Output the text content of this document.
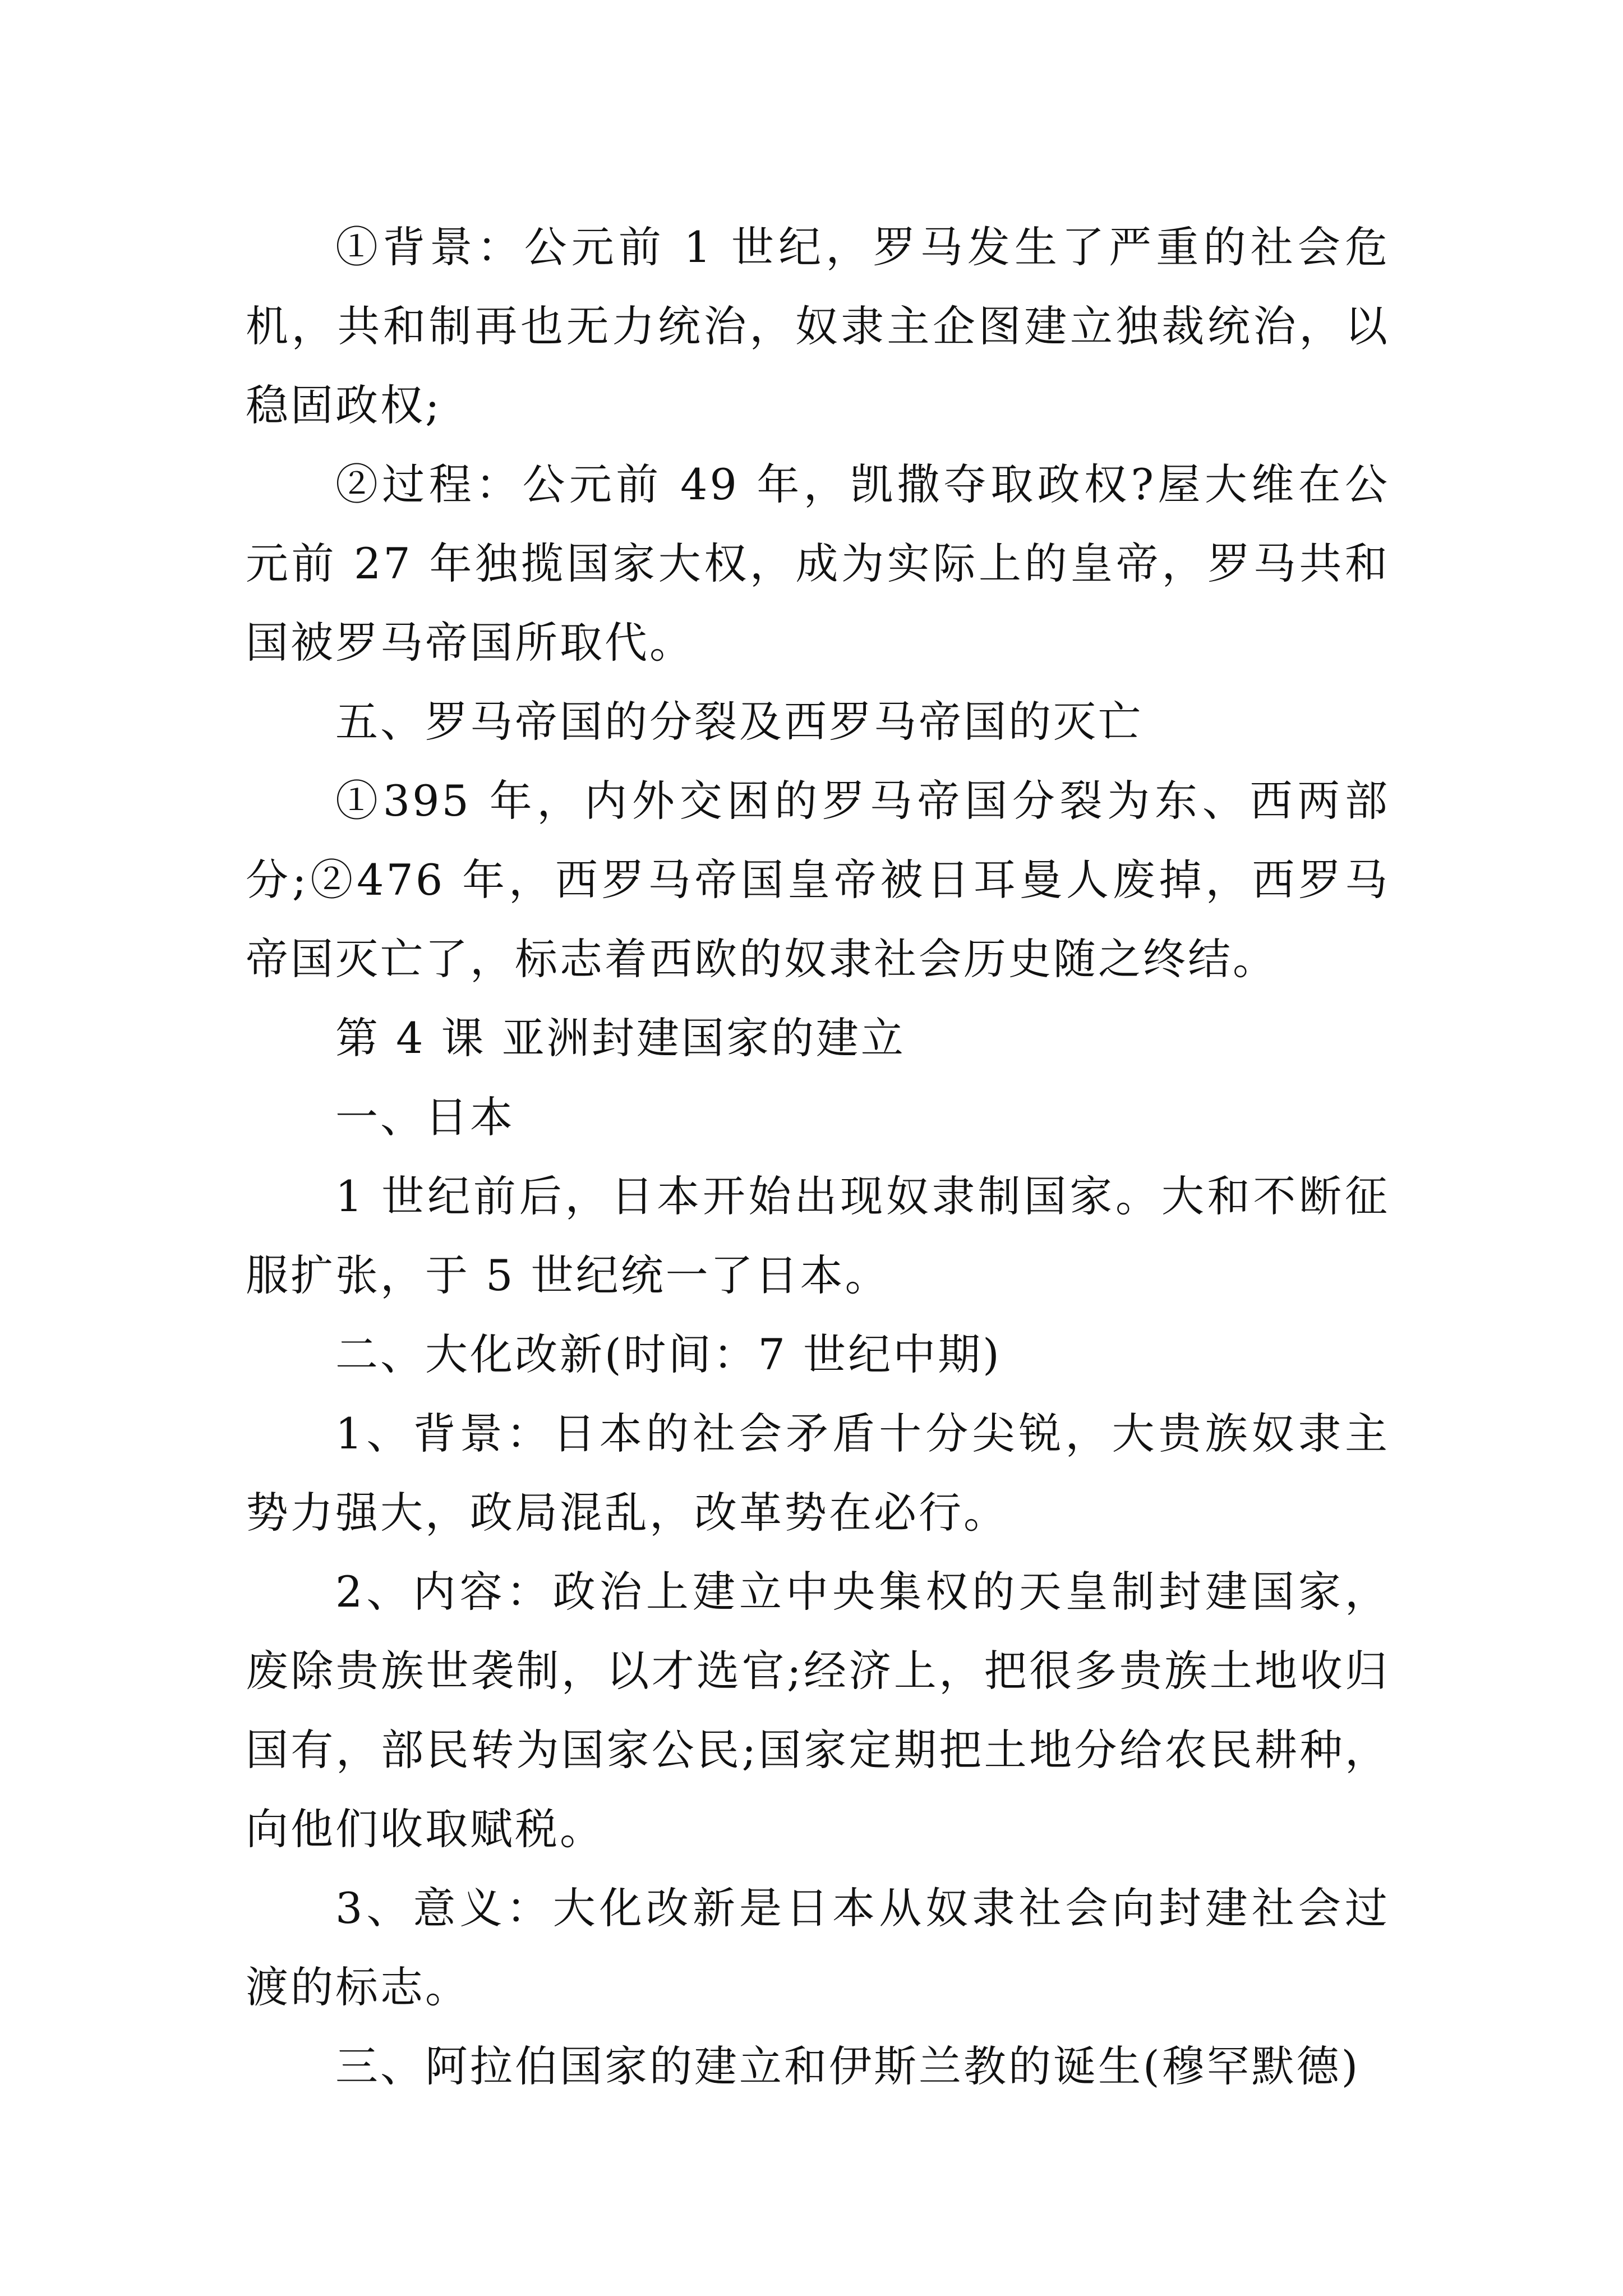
①背景：公元前 1 世纪，罗马发生了严重的社会危机，共和制再也无力统治，奴隶主企图建立独裁统治，以稳固政权;

②过程：公元前 49 年，凯撒夺取政权?屋大维在公元前 27 年独揽国家大权，成为实际上的皇帝，罗马共和国被罗马帝国所取代。

五、罗马帝国的分裂及西罗马帝国的灭亡

①395 年，内外交困的罗马帝国分裂为东、西两部分;②476 年，西罗马帝国皇帝被日耳曼人废掉，西罗马帝国灭亡了，标志着西欧的奴隶社会历史随之终结。

第 4 课 亚洲封建国家的建立

一、日本

1 世纪前后，日本开始出现奴隶制国家。大和不断征服扩张，于 5 世纪统一了日本。

二、大化改新(时间：7 世纪中期)

1、背景：日本的社会矛盾十分尖锐，大贵族奴隶主势力强大，政局混乱，改革势在必行。

2、内容：政治上建立中央集权的天皇制封建国家，废除贵族世袭制，以才选官;经济上，把很多贵族土地收归国有，部民转为国家公民;国家定期把土地分给农民耕种，向他们收取赋税。

3、意义：大化改新是日本从奴隶社会向封建社会过渡的标志。

三、阿拉伯国家的建立和伊斯兰教的诞生(穆罕默德)
